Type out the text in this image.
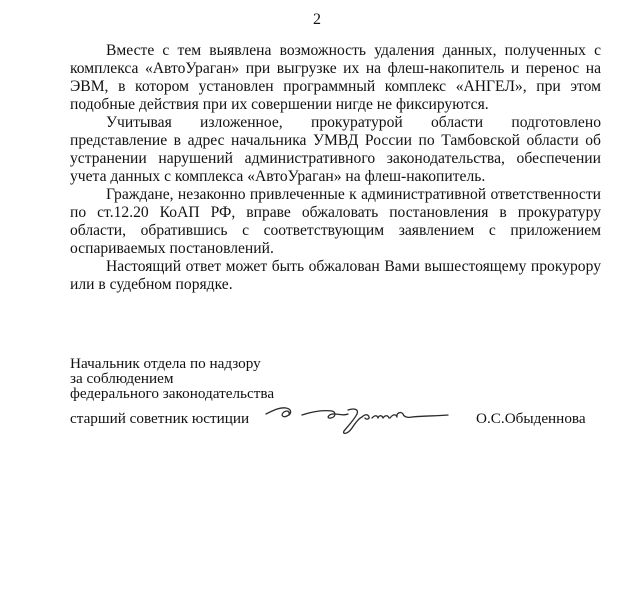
2

Вместе с тем выявлена возможность удаления данных, полученных с комплекса «АвтоУраган» при выгрузке их на флеш-накопитель и перенос на ЭВМ, в котором установлен программный комплекс «АНГЕЛ», при этом подобные действия при их совершении нигде не фиксируются.

Учитывая изложенное, прокуратурой области подготовлено представление в адрес начальника УМВД России по Тамбовской области об устранении нарушений административного законодательства, обеспечении учета данных с комплекса «АвтоУраган» на флеш-накопитель.

Граждане, незаконно привлеченные к административной ответственности по ст.12.20 КоАП РФ, вправе обжаловать постановления в прокуратуру области, обратившись с соответствующим заявлением с приложением оспариваемых постановлений.

Настоящий ответ может быть обжалован Вами вышестоящему прокурору или в судебном порядке.

Начальник отдела по надзору
за соблюдением
федерального законодательства
старший советник юстиции	О.С.Обыденнова
